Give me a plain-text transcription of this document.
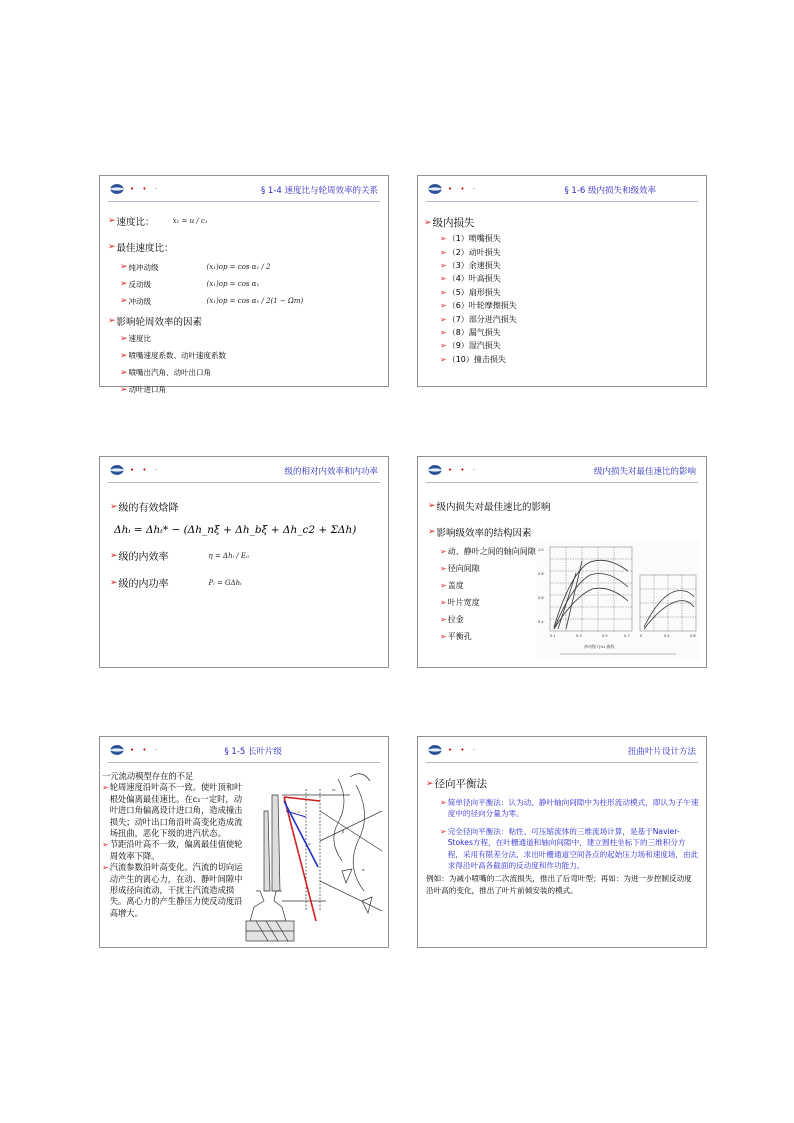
• • ·	§ 1-4 速度比与轮周效率的关系
➢ 速度比：	x₁ = u / c₁
➢ 最佳速度比：
➢ 纯冲动级	(x₁)op = cos α₁ / 2
➢ 反动级	(x₁)op = cos α₁
➢ 冲动级	(x₁)op = cos α₁ / 2(1 − Ωm)
➢ 影响轮周效率的因素
➢ 速度比
➢ 喷嘴速度系数、动叶速度系数
➢ 喷嘴出汽角、动叶出口角
➢ 动叶进口角
• • ·	§ 1-6 级内损失和级效率
➢ 级内损失
➢ （1）喷嘴损失
➢ （2）动叶损失
➢ （3）余速损失
➢ （4）叶高损失
➢ （5）扇形损失
➢ （6）叶轮摩擦损失
➢ （7）部分进汽损失
➢ （8）漏气损失
➢ （9）湿汽损失
➢ （10）撞击损失
• • ·	级的相对内效率和内功率
➢ 级的有效焓降
Δhᵢ = Δhₜ* − (Δh_nξ + Δh_bξ + Δh_c2 + ΣΔh)
➢ 级的内效率	η = Δhᵢ / E₀
➢ 级的内功率	Pᵢ = GΔhᵢ
• • ·	级内损失对最佳速比的影响
➢ 级内损失对最佳速比的影响
➢ 影响级效率的结构因素
➢ 动、静叶之间的轴向间隙
➢ 径向间隙
➢ 盖度
➢ 叶片宽度
➢ 拉金
➢ 平衡孔
1.0
0.8
0.6
0.4
0.1	0.3	0.5	0.7	0	0.4	0.8
冲动级 η-x₁ 曲线
• • ·	§ 1-5 长叶片级
一元流动模型存在的不足
➢ 轮周速度沿叶高不一致。使叶顶和叶根处偏离最佳速比。在c₁一定时，动叶进口角偏离设计进口角，造成撞击损失；动叶出口角沿叶高变化造成流场扭曲，恶化下级的进汽状态。
➢ 节距沿叶高不一致，偏离最佳值使轮周效率下降。
➢ 汽流参数沿叶高变化。汽流的切向运动产生的离心力，在动、静叶间隙中形成径向流动，干扰主汽流造成损失。离心力的产生静压力使反动度沿高增大。
c
w
β
α
u
• • ·	扭曲叶片设计方法
➢ 径向平衡法
➢ 简单径向平衡法：认为动、静叶轴向间隙中为柱形流动模式，即认为子午速度中的径向分量为零。
➢ 完全径向平衡法：粘性、可压缩流体的三维流场计算，是基于Navier-Stokes方程，在叶栅通道和轴向间隙中，建立圆柱坐标下的三维积分方程，采用有限差分法，求出叶栅通道空间各点的起始压力场和速度场，由此求得沿叶高各截面的反动度和作功能力。
例如：为减小喷嘴的二次流损失，推出了后弯叶型；再如：为进一步控制反动度沿叶高的变化，推出了叶片前倾安装的模式。
